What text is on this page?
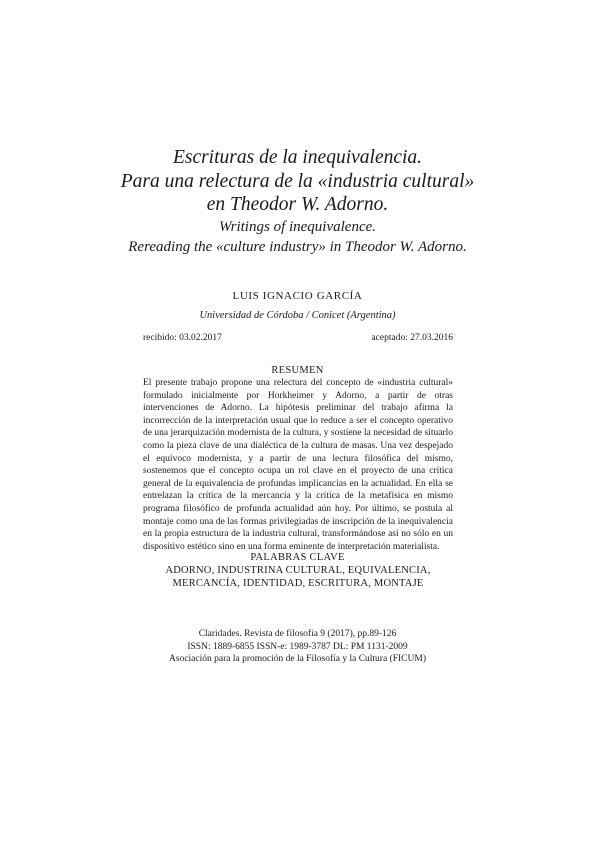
Escrituras de la inequivalencia.
Para una relectura de la «industria cultural»
en Theodor W. Adorno.
Writings of inequivalence.
Rereading the «culture industry» in Theodor W. Adorno.
LUIS IGNACIO GARCÍA
Universidad de Córdoba / Conicet (Argentina)
recibido: 03.02.2017	aceptado: 27.03.2016
RESUMEN

El presente trabajo propone una relectura del concepto de «industria cultural» formulado inicialmente por Horkheimer y Adorno, a partir de otras intervenciones de Adorno. La hipótesis preliminar del trabajo afirma la incorrección de la interpretación usual que lo reduce a ser el concepto operativo de una jerarquización modernista de la cultura, y sostiene la necesidad de situarlo como la pieza clave de una dialéctica de la cultura de masas. Una vez despejado el equívoco modernista, y a partir de una lectura filosófica del mismo, sostenemos que el concepto ocupa un rol clave en el proyecto de una crítica general de la equivalencia de profundas implicancias en la actualidad. En ella se entrelazan la crítica de la mercancía y la crítica de la metafísica en mismo programa filosófico de profunda actualidad aún hoy. Por último, se postula al montaje como una de las formas privilegiadas de inscripción de la inequivalencia en la propia estructura de la industria cultural, transformándose así no sólo en un dispositivo estético sino en una forma eminente de interpretación materialista.

PALABRAS CLAVE

ADORNO, INDUSTRINA CULTURAL, EQUIVALENCIA, MERCANCÍA, IDENTIDAD, ESCRITURA, MONTAJE

Claridades. Revista de filosofía 9 (2017), pp.89-126
ISSN: 1889-6855 ISSN-e: 1989-3787 DL: PM 1131-2009
Asociación para la promoción de la Filosofía y la Cultura (FICUM)
